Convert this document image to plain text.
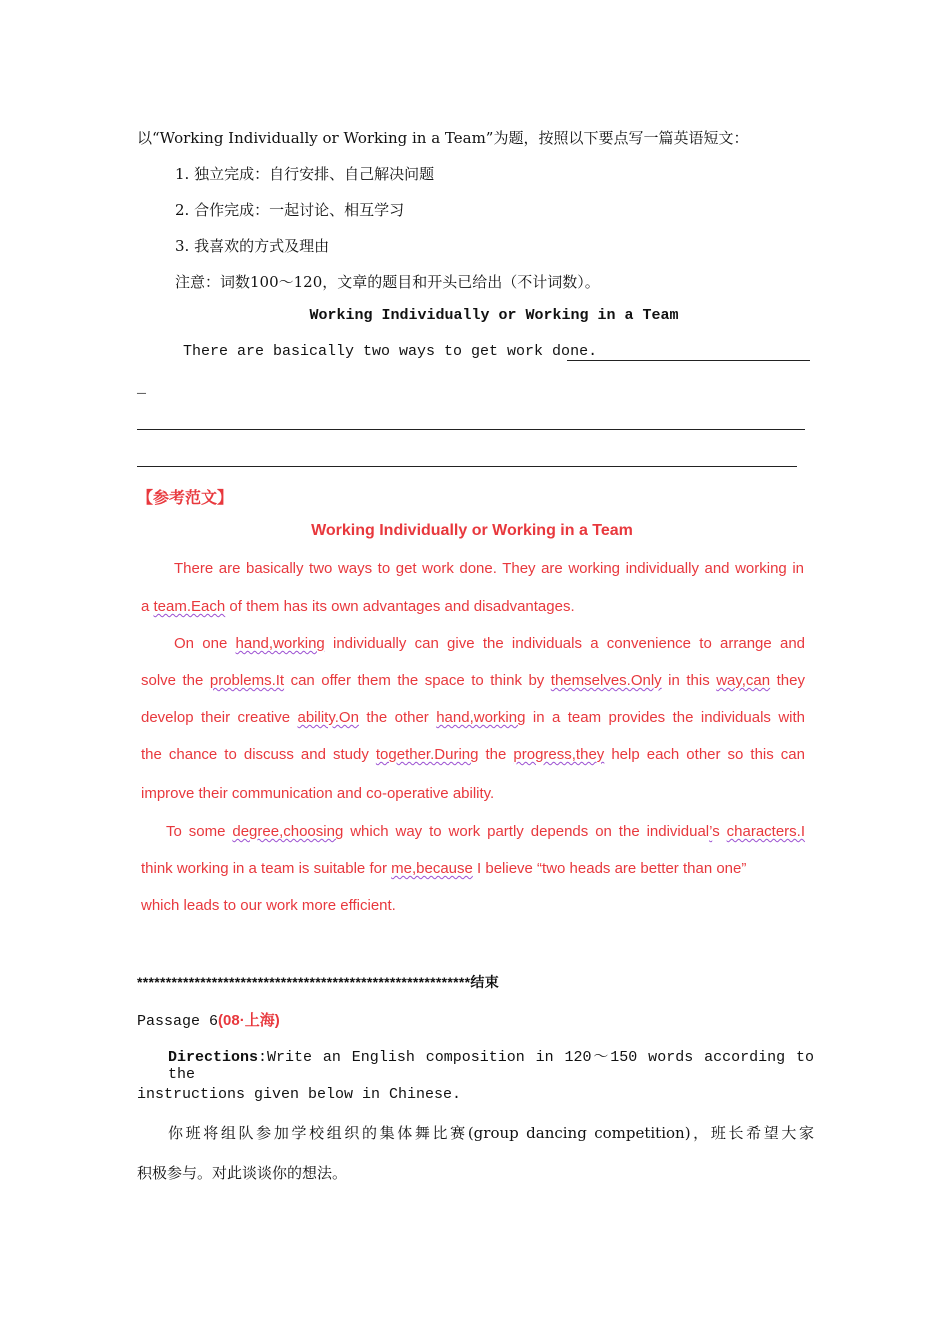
以“Working Individually or Working in a Team”为题，按照以下要点写一篇英语短文：
1. 独立完成：自行安排、自己解决问题
2. 合作完成：一起讨论、相互学习
3. 我喜欢的方式及理由
注意：词数100～120，文章的题目和开头已给出（不计词数）。
Working Individually or Working in a Team
There are basically two ways to get work done.
_
【参考范文】
Working Individually or Working in a Team
There are basically two ways to get work done. They are working individually and working in
a team.Each of them has its own advantages and disadvantages.
On one hand,working individually can give the individuals a convenience to arrange and
solve the problems.It can offer them the space to think by themselves.Only in this way,can they
develop their creative ability.On the other hand,working in a team provides the individuals with
the chance to discuss and study together.During the progress,they help each other so this can
improve their communication and co-operative ability.
To some degree,choosing which way to work partly depends on the individual’s characters.I
think working in a team is suitable for me,because I believe “two heads are better than one”
which leads to our work more efficient.
**********************************************************结束
Passage 6(08·上海)
Directions:Write an English composition in 120～150 words according to the
instructions given below in Chinese.
你班将组队参加学校组织的集体舞比赛(group dancing competition)，班长希望大家
积极参与。对此谈谈你的想法。
